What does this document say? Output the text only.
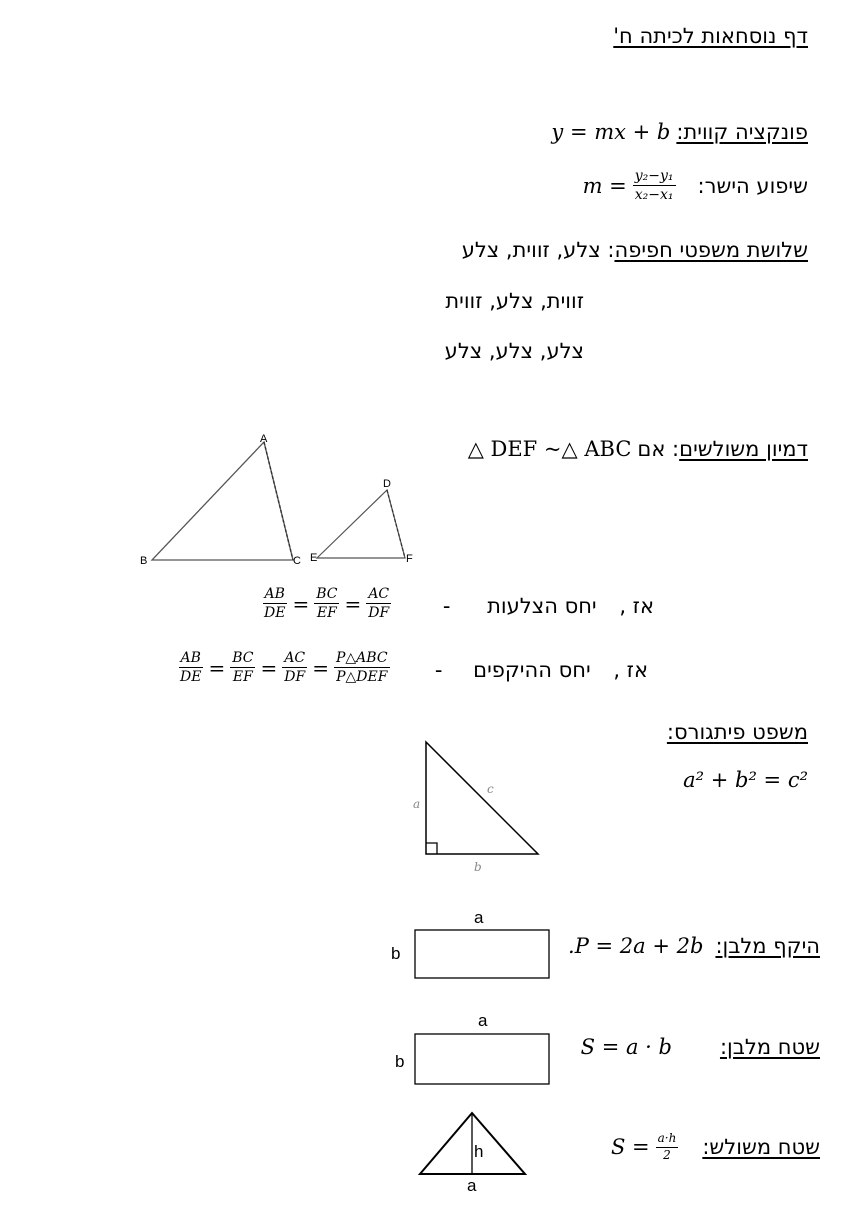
דף נוסחאות לכיתה ח'
y = mx + b פונקציה קווית:
$m = \frac{\text{y₂−y₁}}{\text{x₂−x₁}}$ שיפוע הישר:
שלושת משפטי חפיפה: צלע, זווית, צלע
זווית, צלע, זווית
צלע, צלע, צלע
△ DEF ~△ ABC : אם דמיון משולשים
A
B	C
D
E	F
אז , יחס הצלעות -
$\frac{AB}{DE} = \frac{BC}{EF} = \frac{AC}{DF}$
אז , יחס ההיקפים -
$\frac{AB}{DE} = \frac{BC}{EF} = \frac{AC}{DF} = \frac{\text{P△ABC}}{\text{P△DEF}}$
משפט פיתגורס:
a² + b² = c²
a
b
c
.P = 2a + 2b היקף מלבן:
a
b
S = a · b שטח מלבן:
a
b
$S = \frac{a\cdot h}{2}$ שטח משולש:
h
a
